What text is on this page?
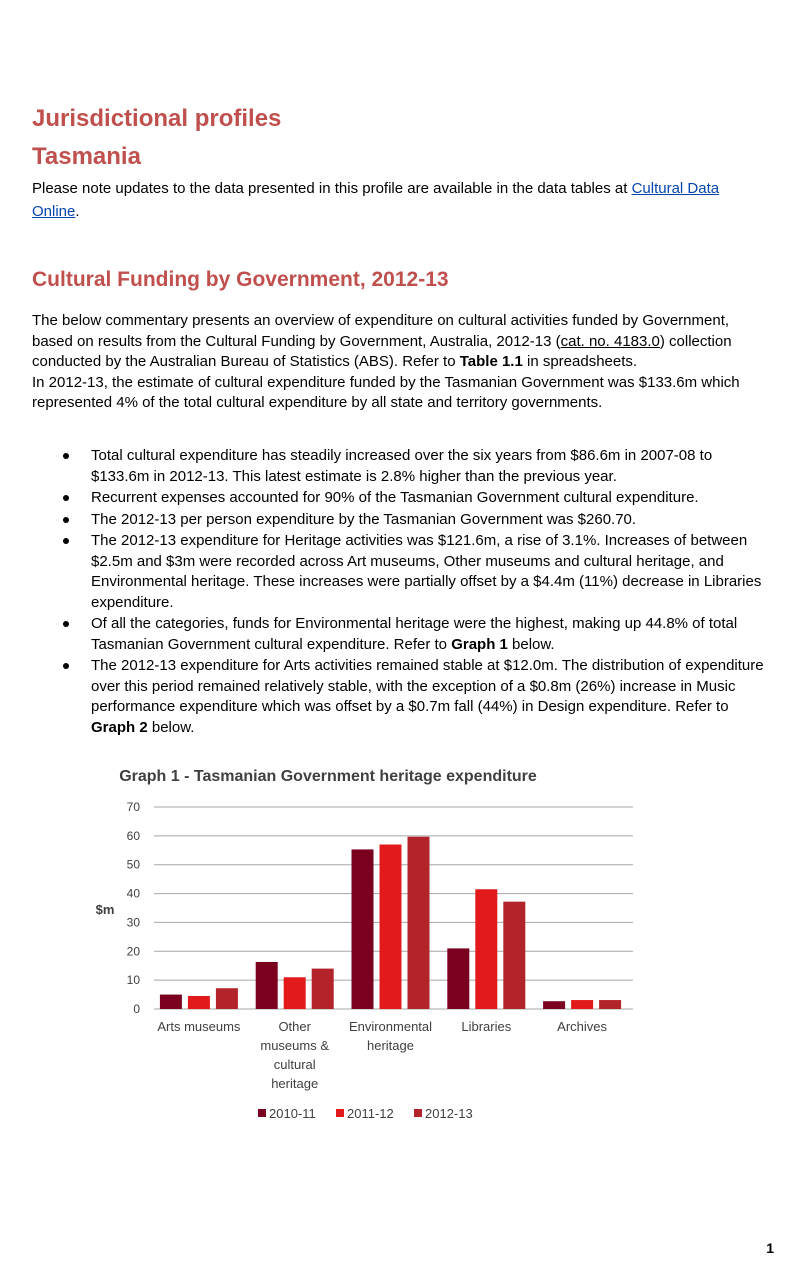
Jurisdictional profiles
Tasmania
Please note updates to the data presented in this profile are available in the data tables at Cultural Data Online.
Cultural Funding by Government, 2012-13
The below commentary presents an overview of expenditure on cultural activities funded by Government, based on results from the Cultural Funding by Government, Australia, 2012-13 (cat. no. 4183.0) collection conducted by the Australian Bureau of Statistics (ABS). Refer to Table 1.1 in spreadsheets.
In 2012-13, the estimate of cultural expenditure funded by the Tasmanian Government was $133.6m which represented 4% of the total cultural expenditure by all state and territory governments.
Total cultural expenditure has steadily increased over the six years from $86.6m in 2007-08 to $133.6m in 2012-13. This latest estimate is 2.8% higher than the previous year.
Recurrent expenses accounted for 90% of the Tasmanian Government cultural expenditure.
The 2012-13 per person expenditure by the Tasmanian Government was $260.70.
The 2012-13 expenditure for Heritage activities was $121.6m, a rise of 3.1%. Increases of between $2.5m and $3m were recorded across Art museums, Other museums and cultural heritage, and Environmental heritage. These increases were partially offset by a $4.4m (11%) decrease in Libraries expenditure.
Of all the categories, funds for Environmental heritage were the highest, making up 44.8% of total Tasmanian Government cultural expenditure. Refer to Graph 1 below.
The 2012-13 expenditure for Arts activities remained stable at $12.0m. The distribution of expenditure over this period remained relatively stable, with the exception of a $0.8m (26%) increase in Music performance expenditure which was offset by a $0.7m fall (44%) in Design expenditure. Refer to Graph 2 below.
Graph 1 - Tasmanian Government heritage expenditure
$m
0
10
20
30
40
50
60
70
Arts museums	Other
museums &
cultural
heritage
Environmental
heritage
Libraries	Archives
2010-11 2011-12 2012-13
1
